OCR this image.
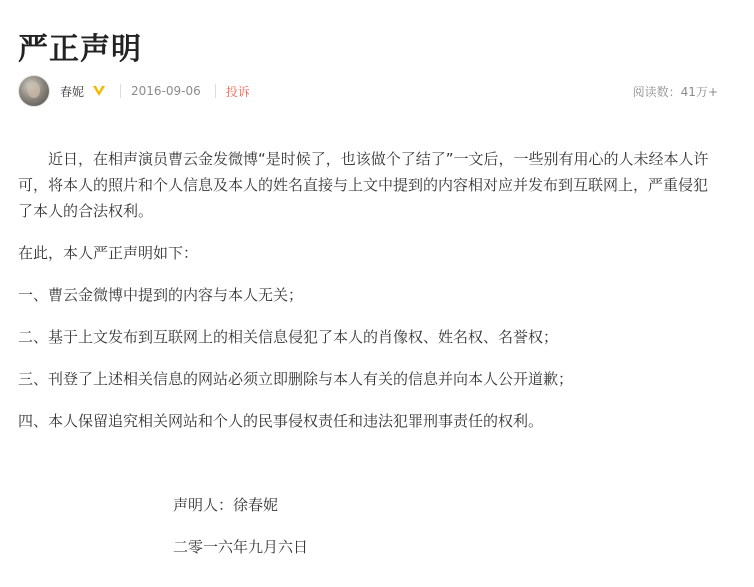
严正声明
春妮	2016-09-06 投诉	阅读数：41万+

近日，在相声演员曹云金发微博“是时候了，也该做个了结了”一文后，一些别有用心的人未经本人许可，将本人的照片和个人信息及本人的姓名直接与上文中提到的内容相对应并发布到互联网上，严重侵犯了本人的合法权利。

在此，本人严正声明如下：

一、曹云金微博中提到的内容与本人无关；

二、基于上文发布到互联网上的相关信息侵犯了本人的肖像权、姓名权、名誉权；

三、刊登了上述相关信息的网站必须立即删除与本人有关的信息并向本人公开道歉；

四、本人保留追究相关网站和个人的民事侵权责任和违法犯罪刑事责任的权利。

声明人：徐春妮
二零一六年九月六日
